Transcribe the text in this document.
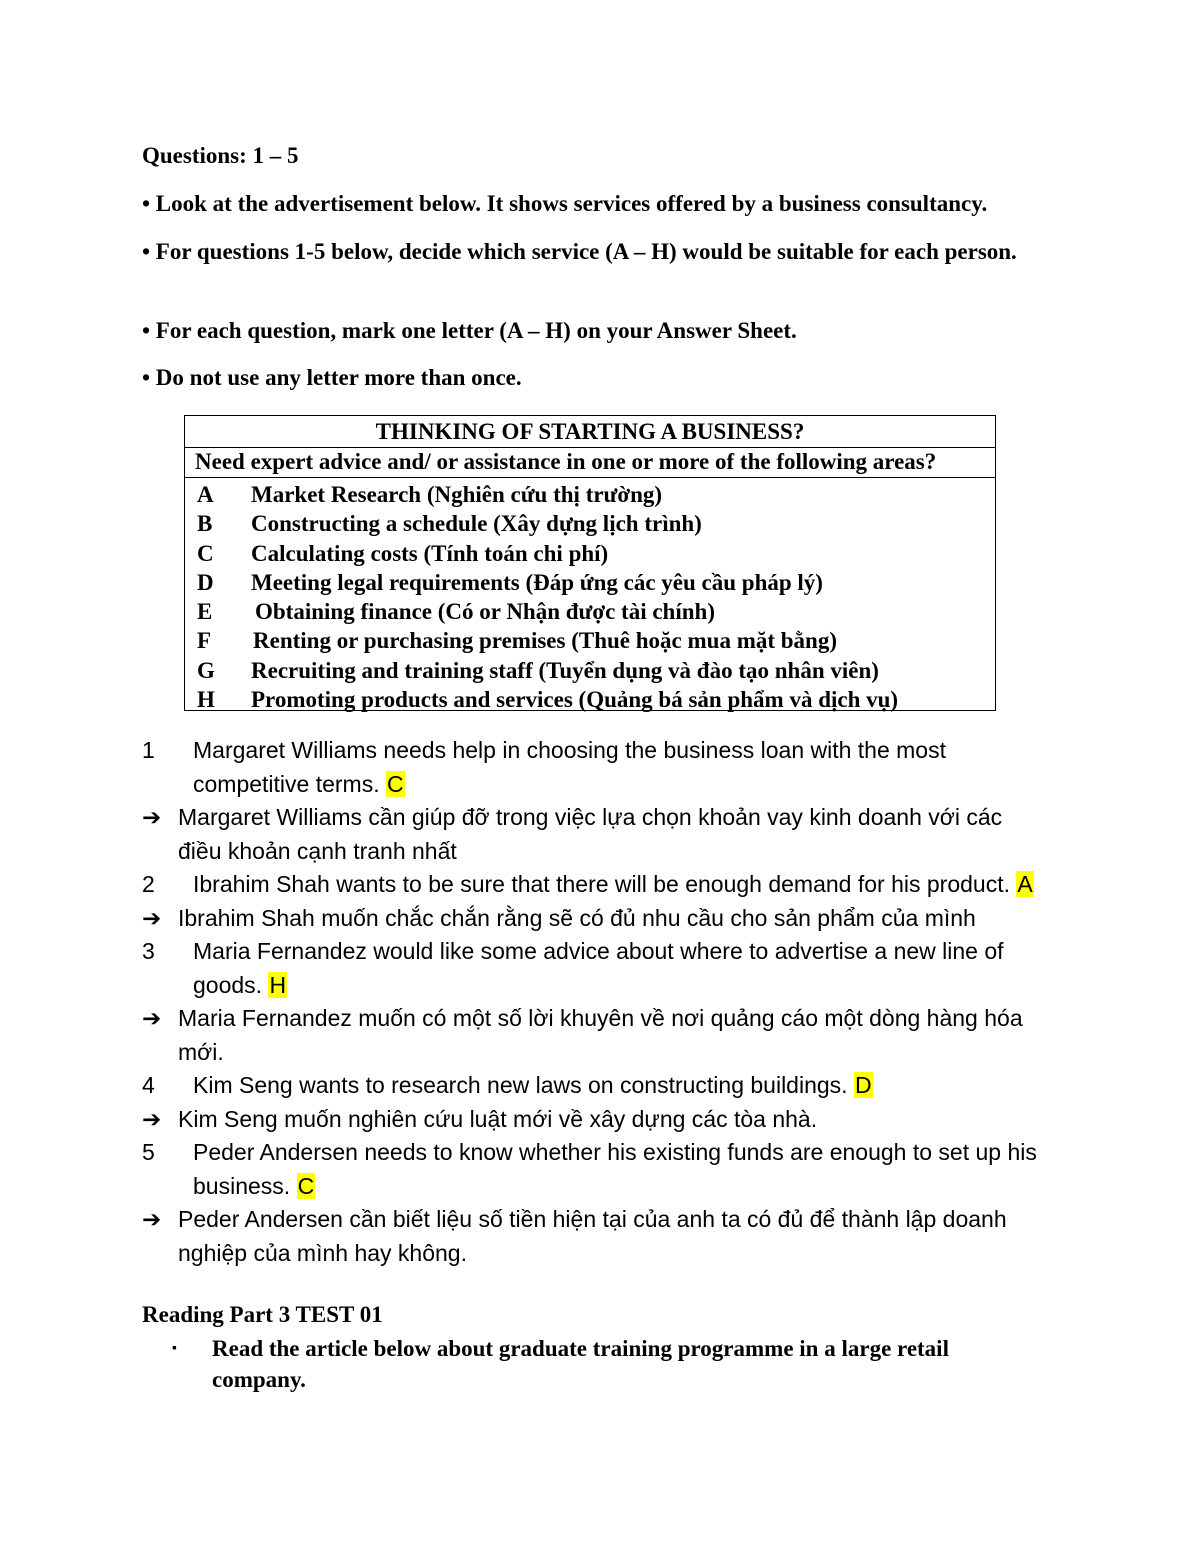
Questions: 1 – 5
• Look at the advertisement below. It shows services offered by a business consultancy.
• For questions 1-5 below, decide which service (A – H) would be suitable for each person.
• For each question, mark one letter (A – H) on your Answer Sheet.
• Do not use any letter more than once.
THINKING OF STARTING A BUSINESS?
Need expert advice and/ or assistance in one or more of the following areas?
A Market Research (Nghiên cứu thị trường)
B Constructing a schedule (Xây dựng lịch trình)
C Calculating costs (Tính toán chi phí)
D Meeting legal requirements (Đáp ứng các yêu cầu pháp lý)
E Obtaining finance (Có or Nhận được tài chính)
F Renting or purchasing premises (Thuê hoặc mua mặt bằng)
G Recruiting and training staff (Tuyển dụng và đào tạo nhân viên)
H Promoting products and services (Quảng bá sản phẩm và dịch vụ)
1 Margaret Williams needs help in choosing the business loan with the most competitive terms. C
➔ Margaret Williams cần giúp đỡ trong việc lựa chọn khoản vay kinh doanh với các điều khoản cạnh tranh nhất
2 Ibrahim Shah wants to be sure that there will be enough demand for his product. A
➔ Ibrahim Shah muốn chắc chắn rằng sẽ có đủ nhu cầu cho sản phẩm của mình
3 Maria Fernandez would like some advice about where to advertise a new line of goods. H
➔ Maria Fernandez muốn có một số lời khuyên về nơi quảng cáo một dòng hàng hóa mới.
4 Kim Seng wants to research new laws on constructing buildings. D
➔ Kim Seng muốn nghiên cứu luật mới về xây dựng các tòa nhà.
5 Peder Andersen needs to know whether his existing funds are enough to set up his business. C
➔ Peder Andersen cần biết liệu số tiền hiện tại của anh ta có đủ để thành lập doanh nghiệp của mình hay không.
Reading Part 3 TEST 01
▪ Read the article below about graduate training programme in a large retail company.
